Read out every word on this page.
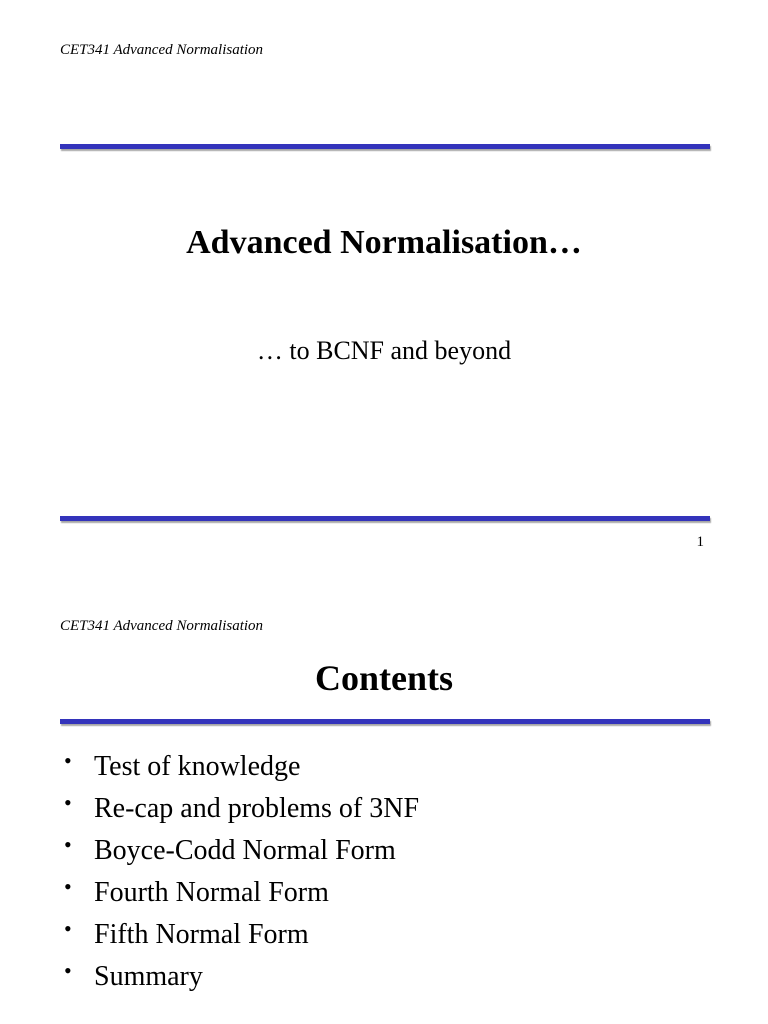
CET341 Advanced Normalisation
Advanced Normalisation…
… to BCNF and beyond
1
CET341 Advanced Normalisation
Contents
• Test of knowledge
• Re-cap and problems of 3NF
• Boyce-Codd Normal Form
• Fourth Normal Form
• Fifth Normal Form
• Summary
